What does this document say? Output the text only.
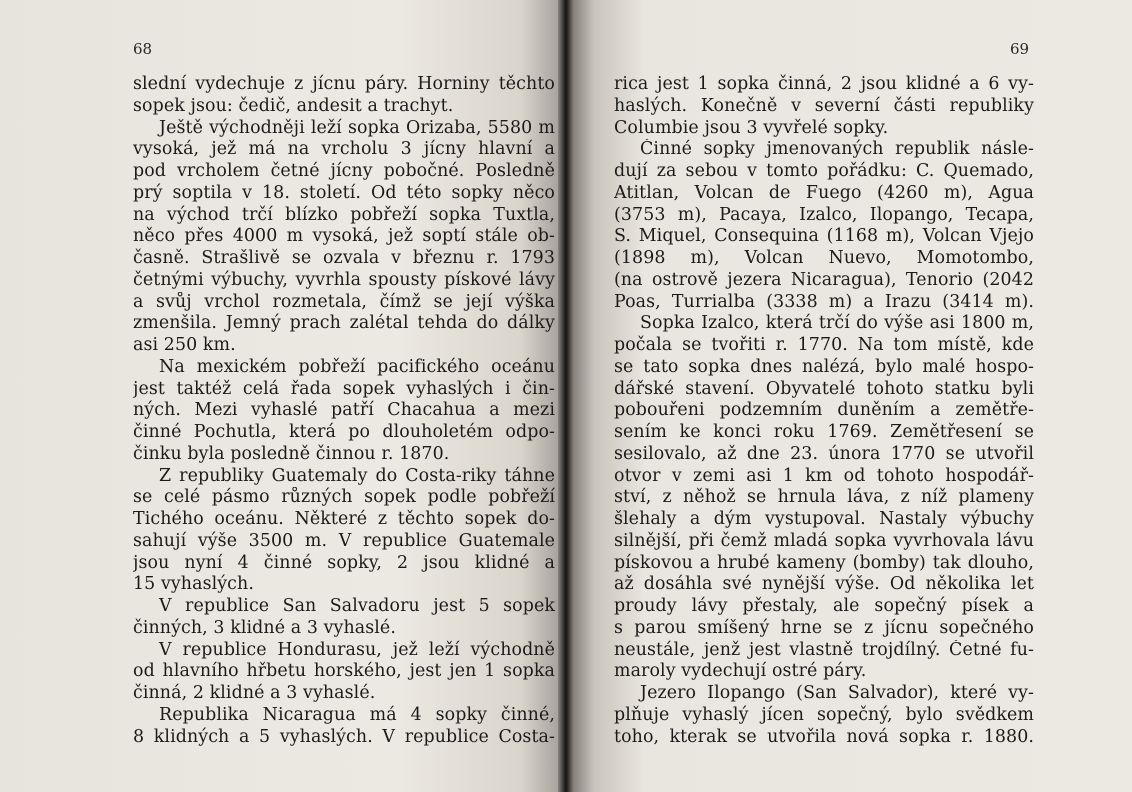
68
slední vydechuje z jícnu páry. Horniny těchto
sopek jsou: čedič, andesit a trachyt.
Ještě východněji leží sopka Orizaba, 5580 m
vysoká, jež má na vrcholu 3 jícny hlavní a
pod vrcholem četné jícny pobočné. Posledně
prý soptila v 18. století. Od této sopky něco
na východ trčí blízko pobřeží sopka Tuxtla,
něco přes 4000 m vysoká, jež soptí stále ob-
časně. Strašlivě se ozvala v březnu r. 1793
četnými výbuchy, vyvrhla spousty pískové lávy
a svůj vrchol rozmetala, čímž se její výška
zmenšila. Jemný prach zalétal tehda do dálky
asi 250 km.
Na mexickém pobřeží pacifického oceánu
jest taktéž celá řada sopek vyhaslých i čin-
ných. Mezi vyhaslé patří Chacahua a mezi
činné Pochutla, která po dlouholetém odpo-
činku byla posledně činnou r. 1870.
Z republiky Guatemaly do Costa-riky táhne
se celé pásmo různých sopek podle pobřeží
Tichého oceánu. Některé z těchto sopek do-
sahují výše 3500 m. V republice Guatemale
jsou nyní 4 činné sopky, 2 jsou klidné a
15 vyhaslých.
V republice San Salvadoru jest 5 sopek
činných, 3 klidné a 3 vyhaslé.
V republice Hondurasu, jež leží východně
od hlavního hřbetu horského, jest jen 1 sopka
činná, 2 klidné a 3 vyhaslé.
Republika Nicaragua má 4 sopky činné,
8 klidných a 5 vyhaslých. V republice Costa-
69
rica jest 1 sopka činná, 2 jsou klidné a 6 vy-
haslých. Konečně v severní části republiky
Columbie jsou 3 vyvřelé sopky.
Činné sopky jmenovaných republik násle-
dují za sebou v tomto pořádku: C. Quemado,
Atitlan, Volcan de Fuego (4260 m), Agua
(3753 m), Pacaya, Izalco, Ilopango, Tecapa,
S. Miquel, Consequina (1168 m), Volcan Vjejo
(1898 m), Volcan Nuevo, Momotombo,
(na ostrově jezera Nicaragua), Tenorio (2042
Poas, Turrialba (3338 m) a Irazu (3414 m).
Sopka Izalco, která trčí do výše asi 1800 m,
počala se tvořiti r. 1770. Na tom místě, kde
se tato sopka dnes nalézá, bylo malé hospo-
dářské stavení. Obyvatelé tohoto statku byli
pobouřeni podzemním duněním a zemětře-
sením ke konci roku 1769. Zemětřesení se
sesilovalo, až dne 23. února 1770 se utvořil
otvor v zemi asi 1 km od tohoto hospodář-
ství, z něhož se hrnula láva, z níž plameny
šlehaly a dým vystupoval. Nastaly výbuchy
silnější, při čemž mladá sopka vyvrhovala lávu
pískovou a hrubé kameny (bomby) tak dlouho,
až dosáhla své nynější výše. Od několika let
proudy lávy přestaly, ale sopečný písek a
s parou smíšený hrne se z jícnu sopečného
neustále, jenž jest vlastně trojdílný. Četné fu-
maroly vydechují ostré páry.
Jezero Ilopango (San Salvador), které vy-
plňuje vyhaslý jícen sopečný, bylo svědkem
toho, kterak se utvořila nová sopka r. 1880.
